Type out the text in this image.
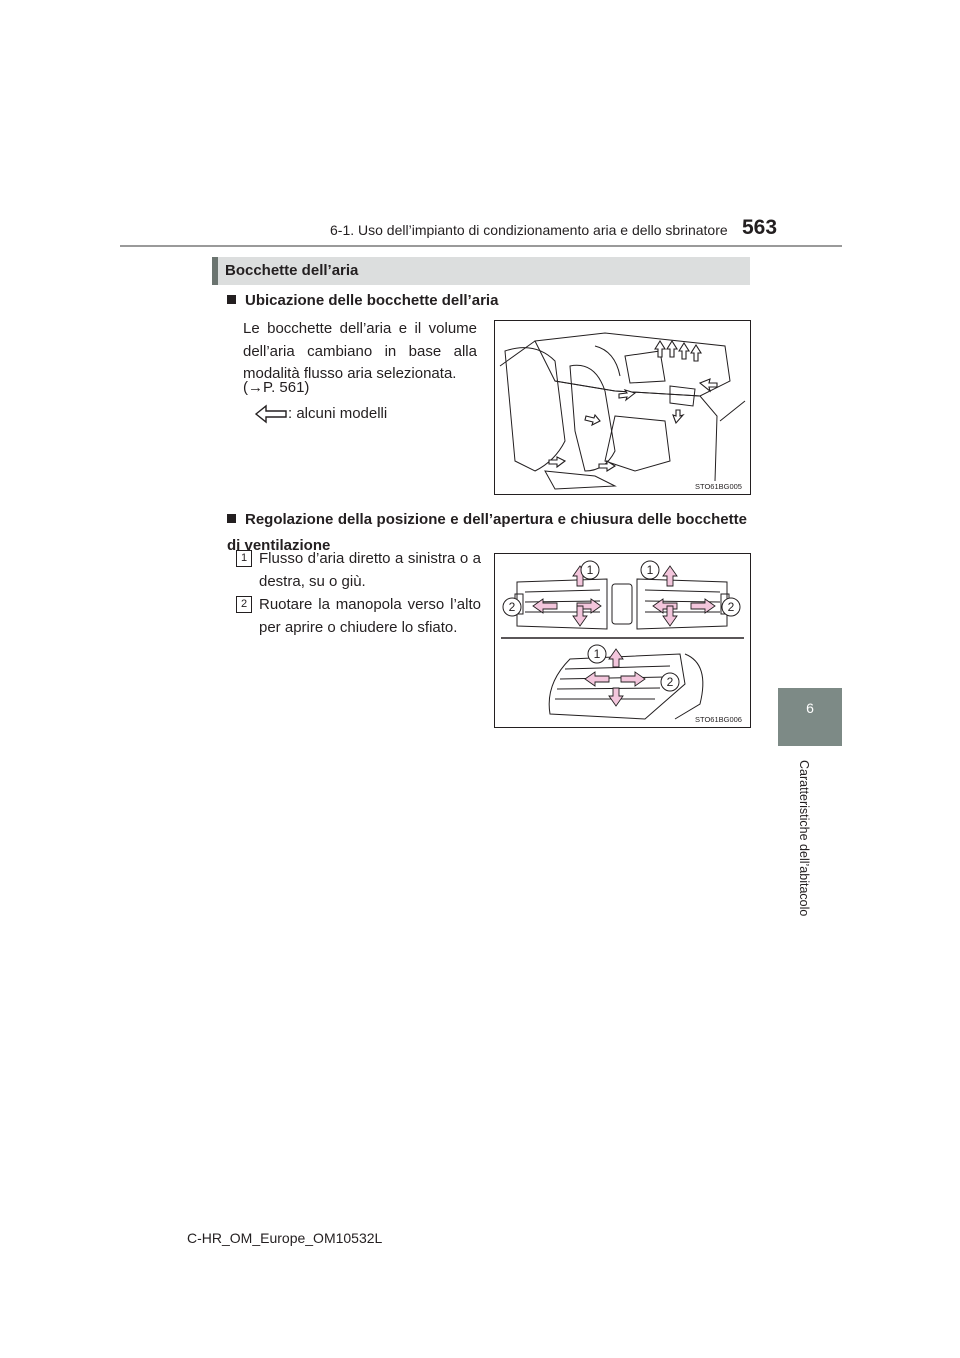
6-1. Uso dell’impianto di condizionamento aria e dello sbrinatore 563
6
Caratteristiche dell’abitacolo
Bocchette dell’aria
Ubicazione delle bocchette dell’aria
Le bocchette dell’aria e il volume dell’aria cambiano in base alla modalità flusso aria selezionata.
(→P. 561)
: alcuni modelli
STO61BG005
Regolazione della posizione e dell’apertura e chiusura delle bocchette di ventilazione
1 Flusso d’aria diretto a sinistra o a destra, su o giù.
2 Ruotare la manopola verso l’alto per aprire o chiudere lo sfiato.
1	1
2	2
1
2
STO61BG006
C-HR_OM_Europe_OM10532L
